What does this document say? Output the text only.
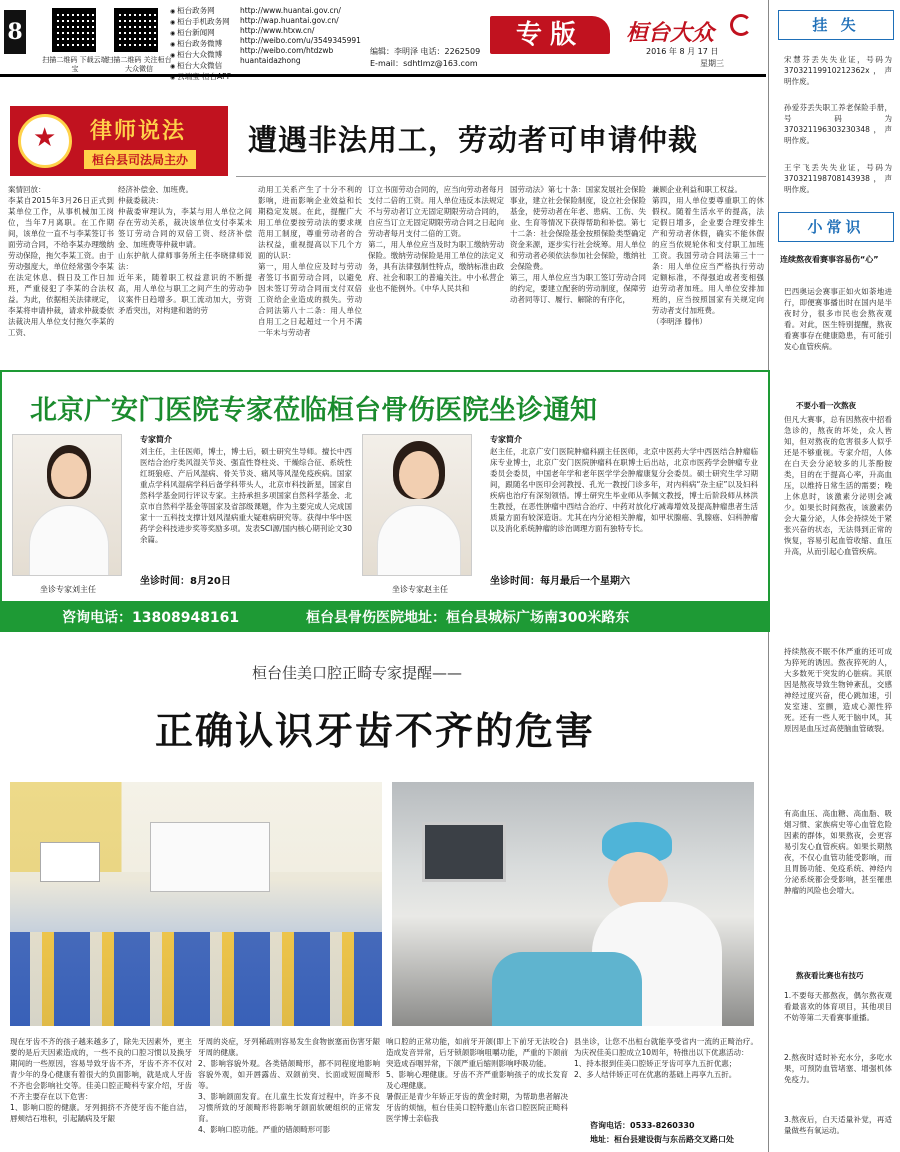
8
扫描二维码 下载云端宝
扫描二维码 关注桓台大众微信
◉ 桓台政务网
◉ 桓台手机政务网
◉ 桓台新闻网
◉ 桓台政务微博
◉ 桓台大众微博
◉ 桓台大众微信
◉
http://www.huantai.gov.cn/
http://wap.huantai.gov.cn/
http://www.htxw.cn/
http://weibo.com/u/3549345991
http://weibo.com/htdzwb
huantaidazhong
编辑：李明泽 电话：2262509
E-mail：sdhtlmz@163.com
专版	桓台大众
2016 年 8 月 17 日
星期三
★
律师说法
桓台县司法局主办
遭遇非法用工，劳动者可申请仲裁
案情回放：
李某自2015年3月26日正式到某单位工作，从事机械加工岗位，当年7月离职。在工作期间，该单位一直不与李某签订书面劳动合同，不给李某办理缴纳劳动保险，拖欠李某工资。由于劳动强度大，单位经常强令李某在法定休息、假日及工作日加班，严重侵犯了李某的合法权益。为此，依据相关法律规定，李某将申请仲裁，请求仲裁委依法裁决用人单位支付拖欠李某的工资、
经济补偿金、加班费。
仲裁委裁决：
仲裁委审理认为，李某与用人单位之间存在劳动关系，裁决该单位支付李某未签订劳动合同的双倍工资、经济补偿金、加班费等仲裁申请。
山东护航人律师事务所主任李晓律师说法：
近年来，随着职工权益意识的不断提高，用人单位与职工之间产生的劳动争议案件日趋增多。职工流动加大，劳资矛盾突出，对构建和谐的劳
动用工关系产生了十分不利的影响，进而影响企业效益和长期稳定发展。在此，提醒广大用工单位要按劳动法的要求规范用工制度，尊重劳动者的合法权益，重视提高以下几个方面的认识：
第一，用人单位应及时与劳动者签订书面劳动合同，以避免因未签订劳动合同而支付双倍工资给企业造成的损失。劳动合同法第八十二条：用人单位自用工之日起超过一个月不满一年未与劳动者
订立书面劳动合同的，应当向劳动者每月支付二倍的工资。用人单位违反本法规定不与劳动者订立无固定期限劳动合同的，自应当订立无固定期限劳动合同之日起向劳动者每月支付二倍的工资。
第二，用人单位应当及时为职工缴纳劳动保险。缴纳劳动保险是用工单位的法定义务，具有法律强制性特点，缴纳标准由政府、社会和职工的普遍关注。中小私营企业也不能例外。《中华人民共和
国劳动法》第七十条：国家发展社会保险事业，建立社会保险制度，设立社会保险基金，使劳动者在年老、患病、工伤、失业、生育等情况下获得帮助和补偿。第七十二条：社会保险基金按照保险类型确定资金来源，逐步实行社会统筹。用人单位和劳动者必须依法参加社会保险，缴纳社会保险费。
第三，用人单位应当为职工签订劳动合同的约定，要建立配套的劳动制度，保障劳动者同等订、履行、解除的有序化，
兼顾企业利益和职工权益。
第四，用人单位要尊重职工的休假权。随着生活水平的提高，法定假日增多，企业要合理安排生产和劳动者休假，确实不能休假的应当依规轮休和支付职工加班工资。我国劳动合同法第三十一条：用人单位应当严格执行劳动定额标准，不得强迫或者变相强迫劳动者加班。用人单位安排加班的，应当按照国家有关规定向劳动者支付加班费。
（李明泽 滕伟）
北京广安门医院专家莅临桓台骨伤医院坐诊通知
坐诊专家刘主任
专家简介
刘主任，主任医师，博士，博士后，硕士研究生导师。擅长中西医结合治疗类风湿关节炎、强直性脊柱炎、干燥综合征、系统性红斑狼疮、产后风湿病、骨关节炎、痛风等风湿免疫疾病。国家重点学科风湿病学科后备学科带头人，北京市科技新星，国家自然科学基金同行评议专家。主持承担多项国家自然科学基金、北京市自然科学基金等国家及省部级课题，作为主要完成人完成国家十一五科技支撑计划风湿病重大疑难病研究等。获得中华中医药学会科技进步奖等奖励多项。发表SCI源/国内核心期刊论文30余篇。
坐诊时间：8月20日
坐诊专家赵主任
专家简介
赵主任，北京广安门医院肿瘤科副主任医师，北京中医药大学中西医结合肿瘤临床专业博士，北京广安门医院肿瘤科在职博士后出站，北京市医药学会肿瘤专业委员会委员，中国老年学和老年医学学会肿瘤康复分会委员。硕士研究生学习期间，跟随名中医印会河教授、孔光一教授门诊多年，对内科病“杂主症”以及妇科疾病也治疗有深刻领悟。博士研究生毕业师从李佩文教授，博士后阶段师从林洪生教授，在恶性肿瘤中西结合治疗、中药对放化疗减毒增效及提高肿瘤患者生活质量方面有较深造诣。尤其在内分泌相关肿瘤，如甲状腺癌、乳腺癌、妇科肿瘤以及消化系统肿瘤的诊治调理方面有独特专长。
坐诊时间：每月最后一个星期六
咨询电话：13808948161	桓台县骨伤医院地址：桓台县城标广场南300米路东
桓台佳美口腔正畸专家提醒——
正确认识牙齿不齐的危害
现在牙齿不齐的孩子越来越多了，除先天因素外，更主要的是后天因素造成的，一些不良的口腔习惯以及换牙期间的一些原因，容易导致牙齿不齐，牙齿不齐不仅对青少年的身心健康有着很大的负面影响，就是成人牙齿不齐也会影响社交等。佳美口腔正畸科专家介绍，牙齿不齐主要存在以下危害：
1、影响口腔的健康。牙列拥挤不齐使牙齿不能自洁，唇颊结石堆积，引起龋病及牙龈
牙周的炎症，牙列稀疏则容易发生食物嵌塞而伤害牙龈牙周的健康。
2、影响容貌外观。各类错颌畸形，都不同程度地影响容貌外观，如开唇露齿、双颌前突、长面或短面畸形等。
3、影响颌面发育。在儿童生长发育过程中，许多不良习惯所致的牙颌畸形将影响牙颌面软硬组织的正常发育。
4、影响口腔功能。严重的错颌畸形可影
响口腔的正常功能，如前牙开颌(即上下前牙无法咬合)造成发音异常，后牙锁颌影响咀嚼功能，严重的下颌前突造成吞咽异常，下颌严重后缩则影响呼吸功能。
5、影响心理健康。牙齿不齐严重影响孩子的成长发育及心理健康。
暑假正是青少年矫正牙齿的黄金时期，为帮助患者解决牙齿的烦恼，桓台佳美口腔特邀山东省口腔医院正畸科医学博士亲临我
县坐诊，让您不出桓台就能享受省内一流的正畸治疗。为庆祝佳美口腔成立10周年，特推出以下优惠活动：
1、持本报到佳美口腔矫正牙齿可享九五折优惠；
2、多人结伴矫正可在优惠的基础上再享九五折。
咨询电话：0533-8260330
地址：桓台县建设街与东岳路交叉路口处
挂 失
宋慧芬丢失失业证，号码为37032119910212362x，声明作废。
孙爱芬丢失职工养老保险手册，号码为370321196303230348，声明作废。
王宇飞丢失失业证，号码为370321198708143938，声明作废。
小常识
连续熬夜看赛事容易伤“心”
巴西奥运会赛事正如火如荼地进行，即便赛事播出时在国内是半夜时分，很多市民也会熬夜观看。对此，医生特别提醒，熬夜看赛事存在健康隐患，有可能引发心血管疾病。
不要小看一次熬夜
但凡大赛事，总有因熬夜中招看急诊的，熬夜的坏处，众人皆知，但对熬夜的危害很多人似乎还是不够重视。专家介绍，人体在白天会分泌较多的儿茶酚胺类，目的在于提高心率，升高血压，以维持日常生活的需要；晚上休息时，该激素分泌则会减少。如果长时间熬夜，该激素仍会大量分泌，人体会持续处于紧张兴奋的状态，无法得到正常的恢复，容易引起血管收缩、血压升高，从而引起心血管疾病。
持续熬夜不眠不休严重的还可成为猝死的诱因。熬夜猝死的人，大多数死于突发的心脏病。其原因是熬夜导致生物钟紊乱，交感神经过度兴奋，使心跳加速，引发室速、室颤，造成心源性猝死。还有一些人死于脑中风，其原因是血压过高使脑血管破裂。
有高血压、高血糖、高血脂、吸烟习惯、家族病史等心血管危险因素的群体，如果熬夜，会更容易引发心血管疾病。如果长期熬夜，不仅心血管功能受影响，而且胃肠功能、免疫系统、神经内分泌系统都会受影响，甚至罹患肿瘤的风险也会增大。
熬夜看比赛也有技巧
1.不要每天都熬夜，偶尔熬夜观看最喜欢的体育项目，其他项目不妨等第二天看赛事重播。
2.熬夜时适时补充水分，多吃水果，可预防血管堵塞、增强机体免疫力。
3.熬夜后，白天适量补觉，再适量做些有氧运动。
